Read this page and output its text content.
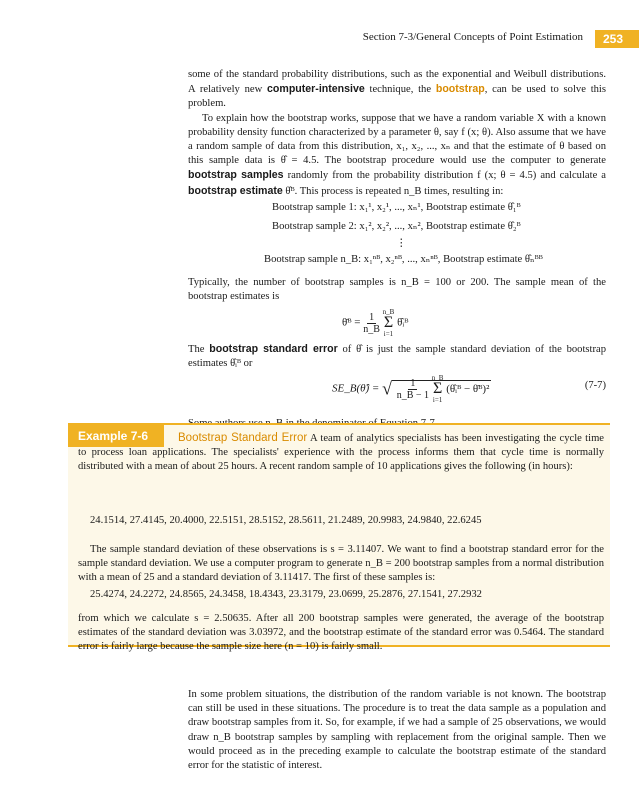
Section 7-3/General Concepts of Point Estimation	253

some of the standard probability distributions, such as the exponential and Weibull distributions. A relatively new computer-intensive technique, the bootstrap, can be used to solve this problem.

To explain how the bootstrap works, suppose that we have a random variable X with a known probability density function characterized by a parameter θ, say f (x; θ). Also assume that we have a random sample of data from this distribution, x₁, x₂, ..., xₙ and that the estimate of θ based on this sample data is θ̂ = 4.5. The bootstrap procedure would use the computer to generate bootstrap samples randomly from the probability distribution f (x; θ = 4.5) and calculate a bootstrap estimate θ̂ᴮ. This process is repeated n_B times, resulting in:

Bootstrap sample 1:
x₁¹, x₂¹, ..., xₙ¹,
Bootstrap estimate
θ̂₁ᴮ
Bootstrap sample 2:
x₁², x₂², ..., xₙ²,
Bootstrap estimate
θ̂₂ᴮ
⋮
Bootstrap sample n_B:
x₁ⁿᴮ, x₂ⁿᴮ, ..., xₙⁿᴮ,
Bootstrap estimate
θ̂ₙᴮᴮ

Typically, the number of bootstrap samples is n_B = 100 or 200. The sample mean of the bootstrap estimates is

θ̄ᴮ = $\frac{1}{n\_B}$
n_B
Σ
i=1
θ̂ᵢᴮ

The bootstrap standard error of θ̂ is just the sample standard deviation of the bootstrap estimates θ̂ᵢᴮ or

SE_B(θ̂) = √ $\frac{1}{n\_B - 1}$
n_B
Σ
i=1
(θ̂ᵢᴮ − θ̄ᴮ)²	(7-7)

Example 7-6	Bootstrap Standard Error A team of analytics specialists has been investigating the cycle time to process loan applications. The specialists' experience with the process informs them that cycle time is normally distributed with a mean of about 25 hours. A recent random sample of 10 applications gives the following (in hours):
24.1514, 27.4145, 20.4000, 22.5151, 28.5152, 28.5611, 21.2489, 20.9983, 24.9840, 22.6245
The sample standard deviation of these observations is s = 3.11407. We want to find a bootstrap standard error for the sample standard deviation. We use a computer program to generate n_B = 200 bootstrap samples from a normal distribution with a mean of 25 and a standard deviation of 3.11417. The first of these samples is:
25.4274, 24.2272, 24.8565, 24.3458, 18.4343, 23.3179, 23.0699, 25.2876, 27.1541, 27.2932
from which we calculate s = 2.50635. After all 200 bootstrap samples were generated, the average of the bootstrap estimates of the standard deviation was 3.03972, and the bootstrap estimate of the standard error was 0.5464. The standard error is fairly large because the sample size here (n = 10) is fairly small.

In some problem situations, the distribution of the random variable is not known. The bootstrap can still be used in these situations. The procedure is to treat the data sample as a population and draw bootstrap samples from it. So, for example, if we had a sample of 25 observations, we would draw n_B bootstrap samples by sampling with replacement from the original sample. Then we would proceed as in the preceding example to calculate the bootstrap estimate of the standard error for the statistic of interest.
